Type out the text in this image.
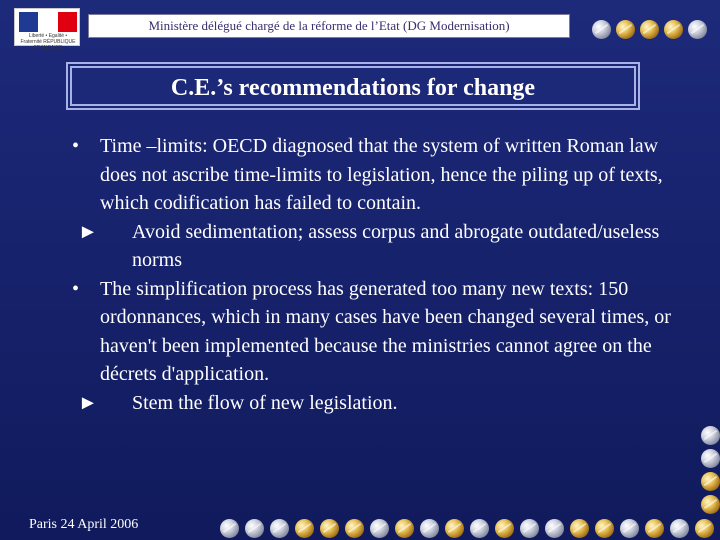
Liberté • Égalité • Fraternité RÉPUBLIQUE FRANÇAISE
Ministère délégué chargé de la réforme de l’Etat (DG Modernisation)
C.E.’s recommendations for change
•	Time –limits: OECD diagnosed that the system of written Roman law does not ascribe time-limits to legislation, hence the piling up of texts, which codification has failed to contain.
►	Avoid sedimentation; assess corpus and abrogate outdated/useless norms
•	The simplification process has generated too many new texts: 150 ordonnances, which in many cases have been changed several times, or haven't been implemented because the ministries cannot agree on the décrets d'application.
►	Stem the flow of new legislation.
Paris 24 April 2006
